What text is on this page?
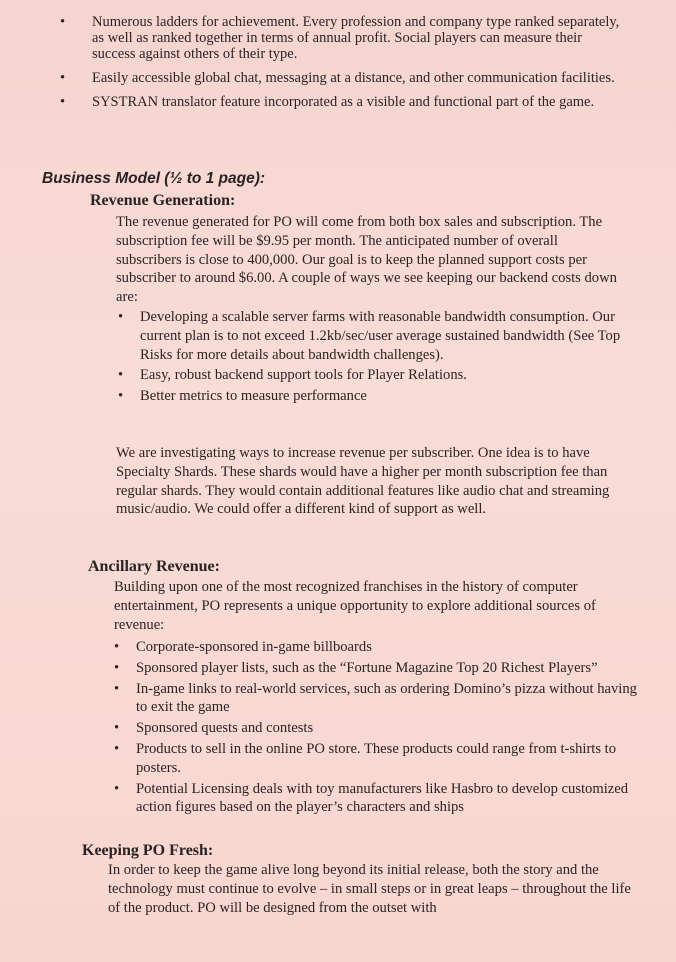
• Numerous ladders for achievement. Every profession and company type ranked separately, as well as ranked together in terms of annual profit. Social players can measure their success against others of their type.
• Easily accessible global chat, messaging at a distance, and other communication facilities.
• SYSTRAN translator feature incorporated as a visible and functional part of the game.
Business Model (½ to 1 page):
Revenue Generation:
The revenue generated for PO will come from both box sales and subscription. The subscription fee will be $9.95 per month. The anticipated number of overall subscribers is close to 400,000. Our goal is to keep the planned support costs per subscriber to around $6.00. A couple of ways we see keeping our backend costs down are:
• Developing a scalable server farms with reasonable bandwidth consumption. Our current plan is to not exceed 1.2kb/sec/user average sustained bandwidth (See Top Risks for more details about bandwidth challenges).
• Easy, robust backend support tools for Player Relations.
• Better metrics to measure performance
We are investigating ways to increase revenue per subscriber. One idea is to have Specialty Shards. These shards would have a higher per month subscription fee than regular shards. They would contain additional features like audio chat and streaming music/audio. We could offer a different kind of support as well.
Ancillary Revenue:
Building upon one of the most recognized franchises in the history of computer entertainment, PO represents a unique opportunity to explore additional sources of revenue:
• Corporate-sponsored in-game billboards
• Sponsored player lists, such as the “Fortune Magazine Top 20 Richest Players”
• In-game links to real-world services, such as ordering Domino’s pizza without having to exit the game
• Sponsored quests and contests
• Products to sell in the online PO store. These products could range from t-shirts to posters.
• Potential Licensing deals with toy manufacturers like Hasbro to develop customized action figures based on the player’s characters and ships
Keeping PO Fresh:
In order to keep the game alive long beyond its initial release, both the story and the technology must continue to evolve – in small steps or in great leaps – throughout the life of the product. PO will be designed from the outset with
